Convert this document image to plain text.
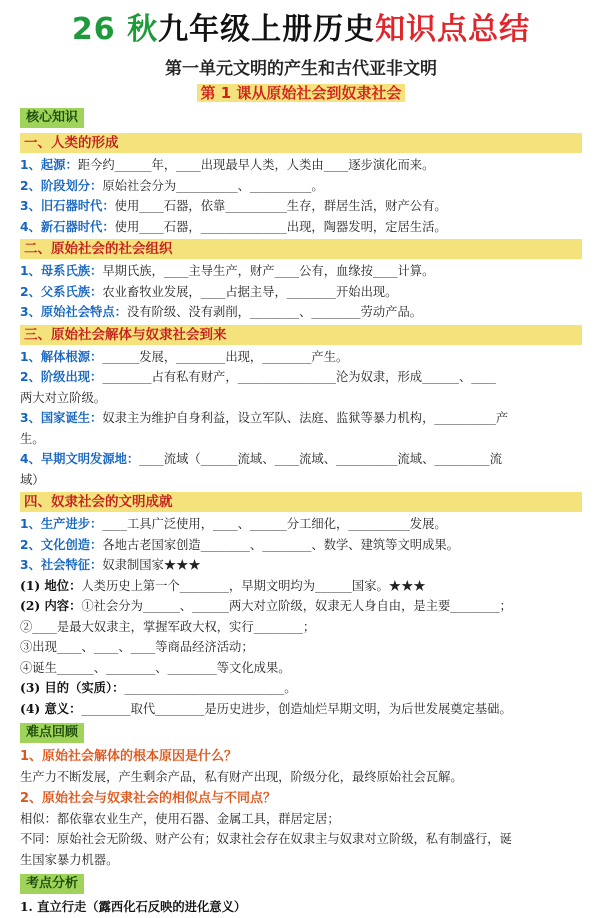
26 秋九年级上册历史知识点总结
第一单元文明的产生和古代亚非文明
第 1 课从原始社会到奴隶社会
核心知识
一、人类的形成
1、起源：距今约______年，____出现最早人类，人类由____逐步演化而来。
2、阶段划分：原始社会分为__________、__________。
3、旧石器时代：使用____石器，依靠__________生存，群居生活，财产公有。
4、新石器时代：使用____石器，______________出现，陶器发明，定居生活。
二、原始社会的社会组织
1、母系氏族：早期氏族，____主导生产，财产____公有，血缘按____计算。
2、父系氏族：农业畜牧业发展，____占据主导，________开始出现。
3、原始社会特点：没有阶级、没有剥削，________、________劳动产品。
三、原始社会解体与奴隶社会到来
1、解体根源：______发展，________出现，________产生。
2、阶级出现：________占有私有财产，________________沦为奴隶，形成______、____
两大对立阶级。
3、国家诞生：奴隶主为维护自身利益，设立军队、法庭、监狱等暴力机构，__________产
生。
4、早期文明发源地：____流域（______流域、____流域、__________流域、_________流
域）
四、奴隶社会的文明成就
1、生产进步：____工具广泛使用，____、______分工细化，__________发展。
2、文化创造：各地古老国家创造________、________、数学、建筑等文明成果。
3、社会特征：奴隶制国家★★★
(1) 地位：人类历史上第一个________，早期文明均为______国家。★★★
(2) 内容：①社会分为______、______两大对立阶级，奴隶无人身自由，是主要________；
②____是最大奴隶主，掌握军政大权，实行________；
③出现____、____、____等商品经济活动；
④诞生______、________、________等文化成果。
(3) 目的（实质）：__________________________。
(4) 意义：________取代________是历史进步，创造灿烂早期文明，为后世发展奠定基础。
难点回顾
1、原始社会解体的根本原因是什么？
生产力不断发展，产生剩余产品，私有财产出现，阶级分化，最终原始社会瓦解。
2、原始社会与奴隶社会的相似点与不同点？
相似：都依靠农业生产，使用石器、金属工具，群居定居；
不同：原始社会无阶级、财产公有；奴隶社会存在奴隶主与奴隶对立阶级，私有制盛行，诞
生国家暴力机器。
考点分析
1. 直立行走（露西化石反映的进化意义）
